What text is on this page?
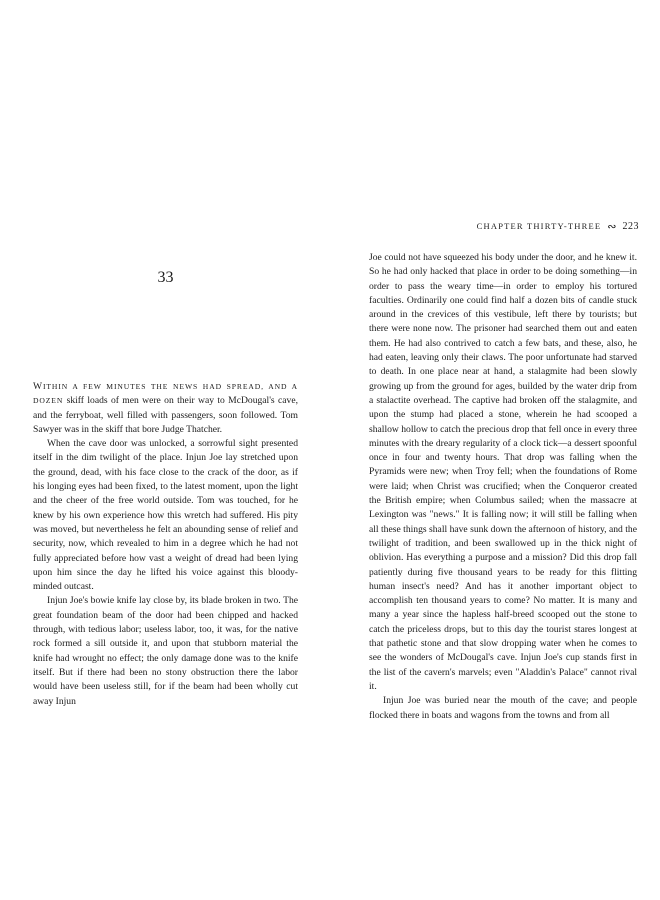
33

WITHIN A FEW MINUTES THE NEWS HAD SPREAD, AND A DOZEN skiff loads of men were on their way to McDougal's cave, and the ferryboat, well filled with passengers, soon followed. Tom Sawyer was in the skiff that bore Judge Thatcher.

When the cave door was unlocked, a sorrowful sight presented itself in the dim twilight of the place. Injun Joe lay stretched upon the ground, dead, with his face close to the crack of the door, as if his longing eyes had been fixed, to the latest moment, upon the light and the cheer of the free world outside. Tom was touched, for he knew by his own experience how this wretch had suffered. His pity was moved, but nevertheless he felt an abounding sense of relief and security, now, which revealed to him in a degree which he had not fully appreciated before how vast a weight of dread had been lying upon him since the day he lifted his voice against this bloody-minded outcast.

Injun Joe's bowie knife lay close by, its blade broken in two. The great foundation beam of the door had been chipped and hacked through, with tedious labor; useless labor, too, it was, for the native rock formed a sill outside it, and upon that stubborn material the knife had wrought no effect; the only damage done was to the knife itself. But if there had been no stony obstruction there the labor would have been useless still, for if the beam had been wholly cut away Injun

CHAPTER THIRTY-THREE ∾ 223

Joe could not have squeezed his body under the door, and he knew it. So he had only hacked that place in order to be doing something—in order to pass the weary time—in order to employ his tortured faculties. Ordinarily one could find half a dozen bits of candle stuck around in the crevices of this vestibule, left there by tourists; but there were none now. The prisoner had searched them out and eaten them. He had also contrived to catch a few bats, and these, also, he had eaten, leaving only their claws. The poor unfortunate had starved to death. In one place near at hand, a stalagmite had been slowly growing up from the ground for ages, builded by the water drip from a stalactite overhead. The captive had broken off the stalagmite, and upon the stump had placed a stone, wherein he had scooped a shallow hollow to catch the precious drop that fell once in every three minutes with the dreary regularity of a clock tick—a dessert spoonful once in four and twenty hours. That drop was falling when the Pyramids were new; when Troy fell; when the foundations of Rome were laid; when Christ was crucified; when the Conqueror created the British empire; when Columbus sailed; when the massacre at Lexington was "news." It is falling now; it will still be falling when all these things shall have sunk down the afternoon of history, and the twilight of tradition, and been swallowed up in the thick night of oblivion. Has everything a purpose and a mission? Did this drop fall patiently during five thousand years to be ready for this flitting human insect's need? And has it another important object to accomplish ten thousand years to come? No matter. It is many and many a year since the hapless half-breed scooped out the stone to catch the priceless drops, but to this day the tourist stares longest at that pathetic stone and that slow dropping water when he comes to see the wonders of McDougal's cave. Injun Joe's cup stands first in the list of the cavern's marvels; even "Aladdin's Palace" cannot rival it.

Injun Joe was buried near the mouth of the cave; and people flocked there in boats and wagons from the towns and from all
